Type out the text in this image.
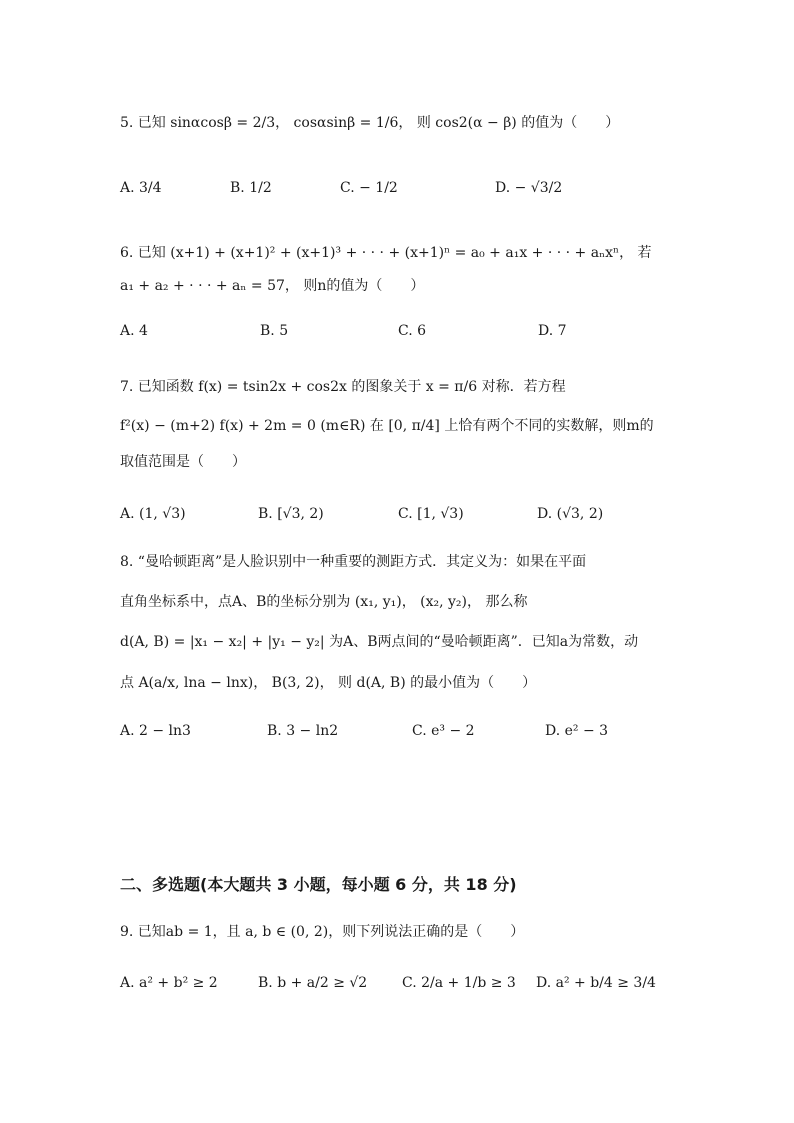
5. 已知 sinαcosβ = 2/3， cosαsinβ = 1/6， 则 cos2(α − β) 的值为（　　）
A. 3/4	B. 1/2	C. − 1/2	D. − √3/2
6. 已知 (x+1) + (x+1)² + (x+1)³ + · · · + (x+1)ⁿ = a₀ + a₁x + · · · + aₙxⁿ， 若
a₁ + a₂ + · · · + aₙ = 57， 则n的值为（　　）
A. 4	B. 5	C. 6	D. 7
7. 已知函数 f(x) = tsin2x + cos2x 的图象关于 x = π/6 对称．若方程
f²(x) − (m+2) f(x) + 2m = 0 (m∈R) 在 [0, π/4] 上恰有两个不同的实数解，则m的
取值范围是（　　）
A. (1, √3)	B. [√3, 2)	C. [1, √3)	D. (√3, 2)
8. “曼哈顿距离”是人脸识别中一种重要的测距方式．其定义为：如果在平面
直角坐标系中，点A、B的坐标分别为 (x₁, y₁)， (x₂, y₂)， 那么称
d(A, B) = |x₁ − x₂| + |y₁ − y₂| 为A、B两点间的“曼哈顿距离”．已知a为常数，动
点 A(a/x, lna − lnx)， B(3, 2)， 则 d(A, B) 的最小值为（　　）
A. 2 − ln3	B. 3 − ln2	C. e³ − 2	D. e² − 3
二、多选题(本大题共 3 小题，每小题 6 分，共 18 分)
9. 已知ab = 1，且 a, b ∈ (0, 2)，则下列说法正确的是（　　）
A. a² + b² ≥ 2	B. b + a/2 ≥ √2 C. 2/a + 1/b ≥ 3 D. a² + b/4 ≥ 3/4
